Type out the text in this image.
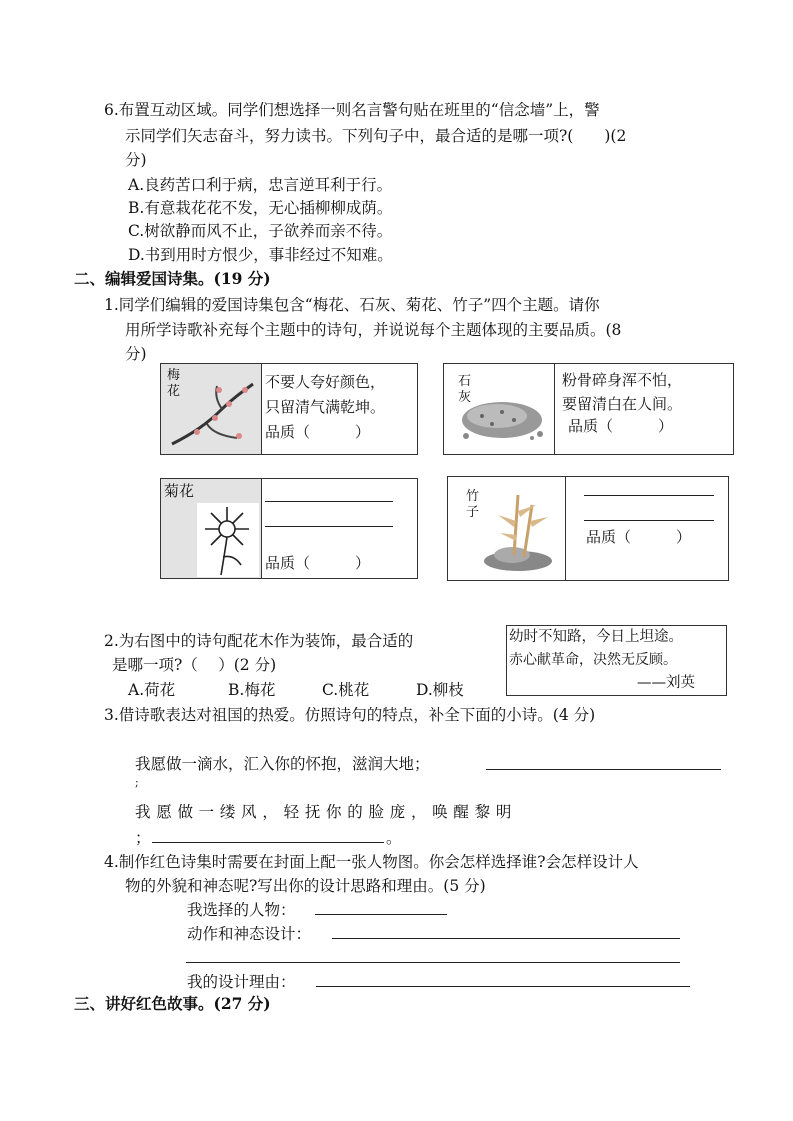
6.布置互动区域。同学们想选择一则名言警句贴在班里的“信念墙”上，警
示同学们矢志奋斗，努力读书。下列句子中，最合适的是哪一项?(　　)(2
分)
A.良药苦口利于病，忠言逆耳利于行。
B.有意栽花花不发，无心插柳柳成荫。
C.树欲静而风不止，子欲养而亲不待。
D.书到用时方恨少，事非经过不知难。
二、编辑爱国诗集。(19 分)
1.同学们编辑的爱国诗集包含“梅花、石灰、菊花、竹子”四个主题。请你
用所学诗歌补充每个主题中的诗句，并说说每个主题体现的主要品质。(8
分)
梅花
不要人夸好颜色，
只留清气满乾坤。
品质（　　　）
石灰
粉骨碎身浑不怕，
要留清白在人间。
品质（　　　）
菊花
品质（　　　）
竹子
品质（　　　）
2.为右图中的诗句配花木作为装饰，最合适的
是哪一项?（　 ）(2 分)
A.荷花	B.梅花	C.桃花	D.柳枝
幼时不知路，今日上坦途。
赤心献革命，决然无反顾。
——刘英
3.借诗歌表达对祖国的热爱。仿照诗句的特点，补全下面的小诗。(4 分)
我愿做一滴水，汇入你的怀抱，滋润大地；
;
我 愿 做 一 缕 风 ， 轻 抚 你 的 脸 庞 ， 唤 醒 黎 明
；	。
4.制作红色诗集时需要在封面上配一张人物图。你会怎样选择谁?会怎样设计人
物的外貌和神态呢?写出你的设计思路和理由。(5 分)
我选择的人物：
动作和神态设计：
我的设计理由：
三、讲好红色故事。(27 分)
